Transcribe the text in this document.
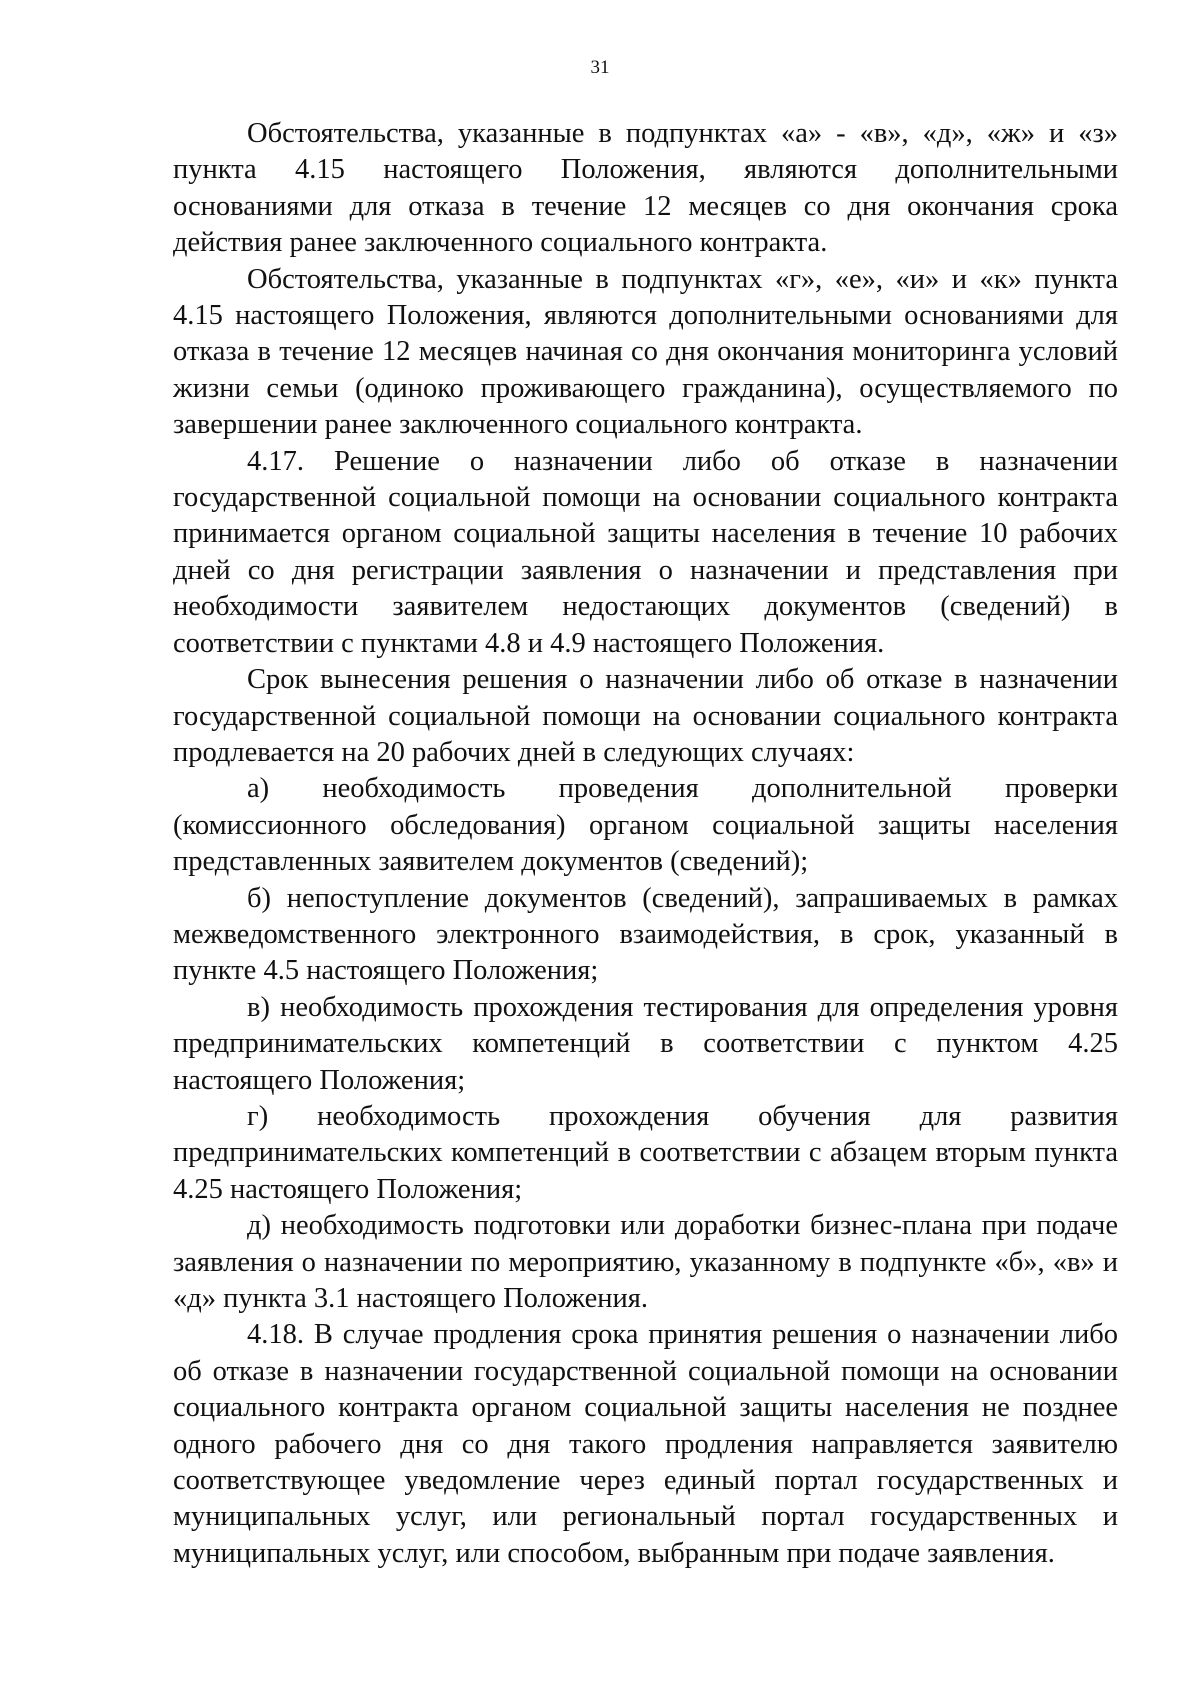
31

Обстоятельства, указанные в подпунктах «а» - «в», «д», «ж» и «з» пункта 4.15 настоящего Положения, являются дополнительными основаниями для отказа в течение 12 месяцев со дня окончания срока действия ранее заключенного социального контракта.

Обстоятельства, указанные в подпунктах «г», «е», «и» и «к» пункта 4.15 настоящего Положения, являются дополнительными основаниями для отказа в течение 12 месяцев начиная со дня окончания мониторинга условий жизни семьи (одиноко проживающего гражданина), осуществляемого по завершении ранее заключенного социального контракта.

4.17. Решение о назначении либо об отказе в назначении государственной социальной помощи на основании социального контракта принимается органом социальной защиты населения в течение 10 рабочих дней со дня регистрации заявления о назначении и представления при необходимости заявителем недостающих документов (сведений) в соответствии с пунктами 4.8 и 4.9 настоящего Положения.

Срок вынесения решения о назначении либо об отказе в назначении государственной социальной помощи на основании социального контракта продлевается на 20 рабочих дней в следующих случаях:

а) необходимость проведения дополнительной проверки (комиссионного обследования) органом социальной защиты населения представленных заявителем документов (сведений);

б) непоступление документов (сведений), запрашиваемых в рамках межведомственного электронного взаимодействия, в срок, указанный в пункте 4.5 настоящего Положения;

в) необходимость прохождения тестирования для определения уровня предпринимательских компетенций в соответствии с пунктом 4.25 настоящего Положения;

г) необходимость прохождения обучения для развития предпринимательских компетенций в соответствии с абзацем вторым пункта 4.25 настоящего Положения;

д) необходимость подготовки или доработки бизнес-плана при подаче заявления о назначении по мероприятию, указанному в подпункте «б», «в» и «д» пункта 3.1 настоящего Положения.

4.18. В случае продления срока принятия решения о назначении либо об отказе в назначении государственной социальной помощи на основании социального контракта органом социальной защиты населения не позднее одного рабочего дня со дня такого продления направляется заявителю соответствующее уведомление через единый портал государственных и муниципальных услуг, или региональный портал государственных и муниципальных услуг, или способом, выбранным при подаче заявления.
